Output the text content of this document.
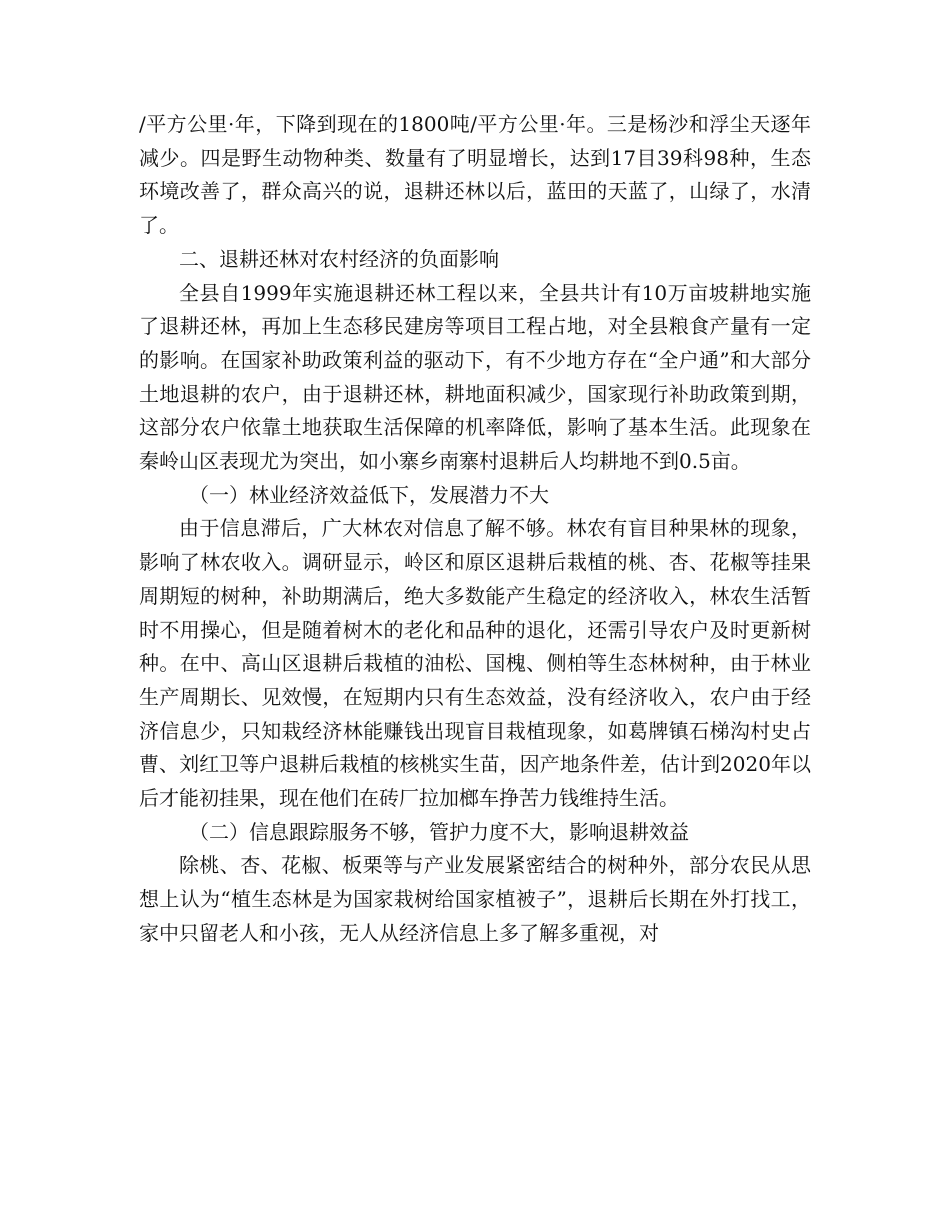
/平方公里·年，下降到现在的1800吨/平方公里·年。三是杨沙和浮尘天逐年减少。四是野生动物种类、数量有了明显增长，达到17目39科98种，生态环境改善了，群众高兴的说，退耕还林以后，蓝田的天蓝了，山绿了，水清了。

二、退耕还林对农村经济的负面影响

全县自1999年实施退耕还林工程以来，全县共计有10万亩坡耕地实施了退耕还林，再加上生态移民建房等项目工程占地，对全县粮食产量有一定的影响。在国家补助政策利益的驱动下，有不少地方存在“全户通”和大部分土地退耕的农户，由于退耕还林，耕地面积减少，国家现行补助政策到期，这部分农户依靠土地获取生活保障的机率降低，影响了基本生活。此现象在秦岭山区表现尤为突出，如小寨乡南寨村退耕后人均耕地不到0.5亩。

（一）林业经济效益低下，发展潜力不大

由于信息滞后，广大林农对信息了解不够。林农有盲目种果林的现象，影响了林农收入。调研显示，岭区和原区退耕后栽植的桃、杏、花椒等挂果周期短的树种，补助期满后，绝大多数能产生稳定的经济收入，林农生活暂时不用操心，但是随着树木的老化和品种的退化，还需引导农户及时更新树种。在中、高山区退耕后栽植的油松、国槐、侧柏等生态林树种，由于林业生产周期长、见效慢，在短期内只有生态效益，没有经济收入，农户由于经济信息少，只知栽经济林能赚钱出现盲目栽植现象，如葛牌镇石梯沟村史占曹、刘红卫等户退耕后栽植的核桃实生苗，因产地条件差，估计到2020年以后才能初挂果，现在他们在砖厂拉加榔车挣苦力钱维持生活。

（二）信息跟踪服务不够，管护力度不大，影响退耕效益

除桃、杏、花椒、板栗等与产业发展紧密结合的树种外，部分农民从思想上认为“植生态林是为国家栽树给国家植被子”，退耕后长期在外打找工，家中只留老人和小孩，无人从经济信息上多了解多重视，对
